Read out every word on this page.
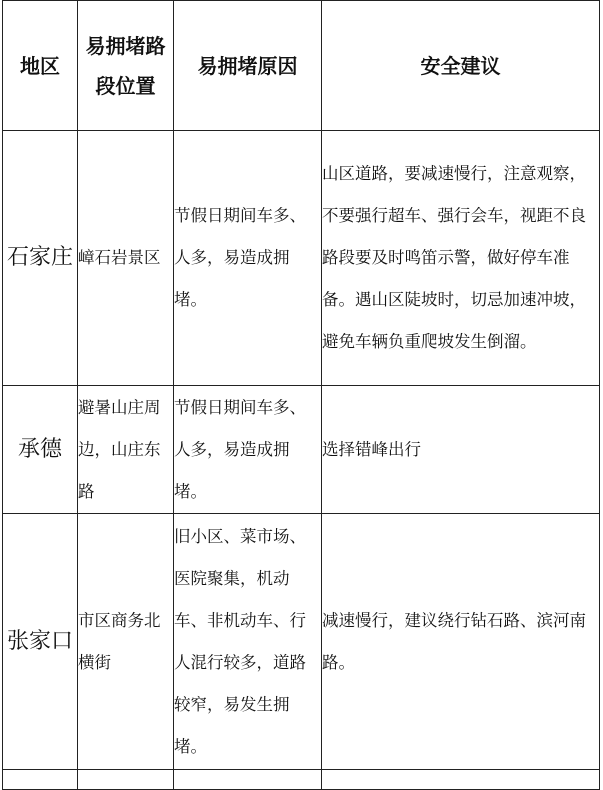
地区	易拥堵路段位置	易拥堵原因	安全建议
石家庄	嶂石岩景区	节假日期间车多、人多，易造成拥堵。	山区道路，要减速慢行，注意观察，不要强行超车、强行会车，视距不良路段要及时鸣笛示警，做好停车准备。遇山区陡坡时，切忌加速冲坡，避免车辆负重爬坡发生倒溜。
承德	避暑山庄周边，山庄东路	节假日期间车多、人多，易造成拥堵。	选择错峰出行
张家口	市区商务北横街	旧小区、菜市场、医院聚集，机动车、非机动车、行人混行较多，道路较窄，易发生拥堵。	减速慢行，建议绕行钻石路、滨河南路。
